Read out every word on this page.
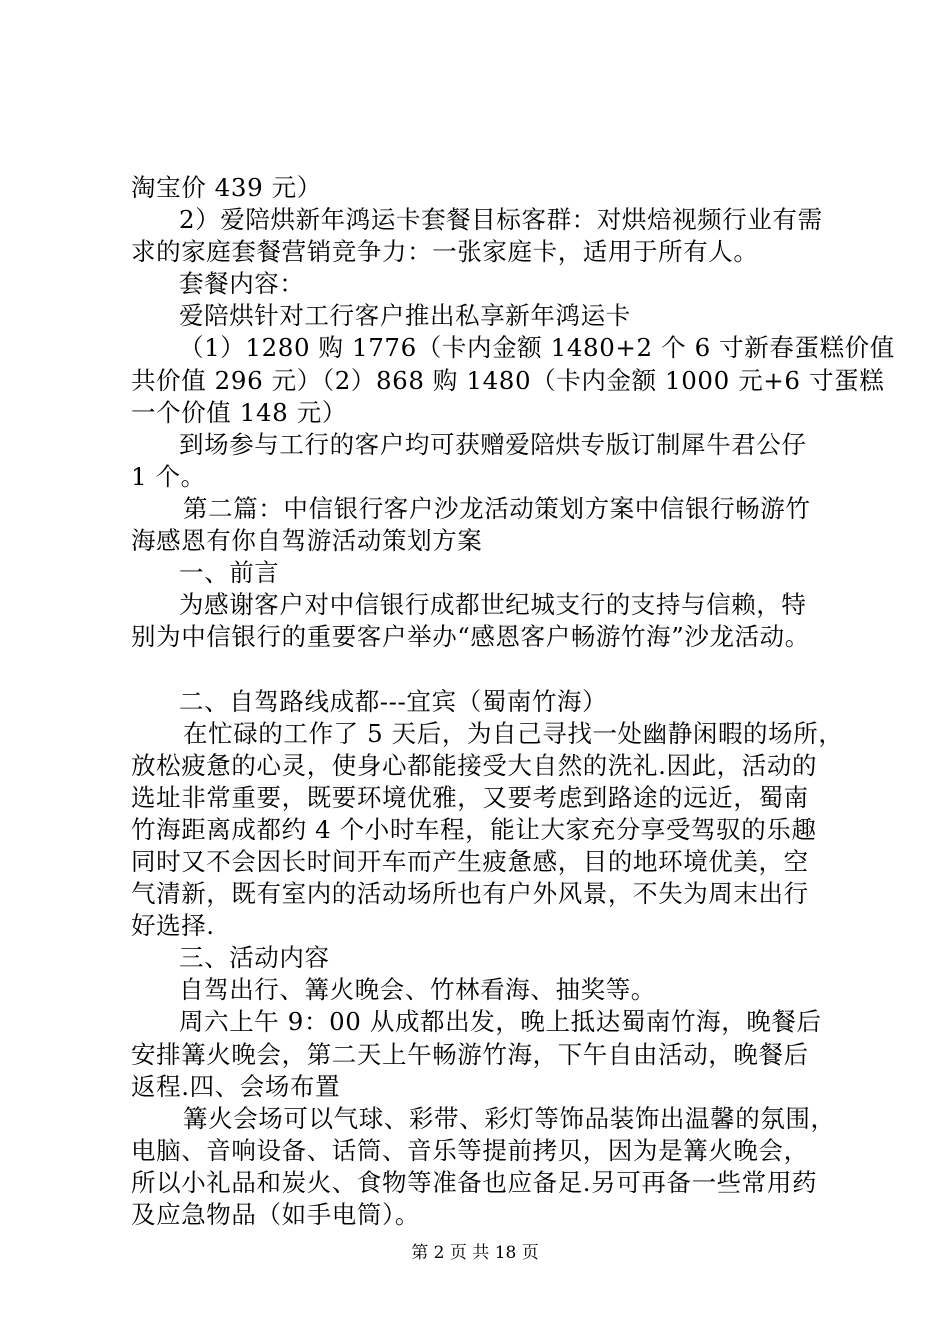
淘宝价 439 元）
2）爱陪烘新年鸿运卡套餐目标客群：对烘焙视频行业有需
求的家庭套餐营销竞争力：一张家庭卡，适用于所有人。
套餐内容：
爱陪烘针对工行客户推出私享新年鸿运卡
（1）1280 购 1776（卡内金额 1480+2 个 6 寸新春蛋糕价值
共价值 296 元）（2）868 购 1480（卡内金额 1000 元+6 寸蛋糕
一个价值 148 元）
到场参与工行的客户均可获赠爱陪烘专版订制犀牛君公仔
1 个。
第二篇：中信银行客户沙龙活动策划方案中信银行畅游竹
海感恩有你自驾游活动策划方案
一、前言
为感谢客户对中信银行成都世纪城支行的支持与信赖，特
别为中信银行的重要客户举办“感恩客户畅游竹海”沙龙活动。
二、自驾路线成都---宜宾（蜀南竹海）
在忙碌的工作了 5 天后，为自己寻找一处幽静闲暇的场所，
放松疲惫的心灵，使身心都能接受大自然的洗礼.因此，活动的
选址非常重要，既要环境优雅，又要考虑到路途的远近，蜀南
竹海距离成都约 4 个小时车程，能让大家充分享受驾驭的乐趣
同时又不会因长时间开车而产生疲惫感，目的地环境优美，空
气清新，既有室内的活动场所也有户外风景，不失为周末出行
好选择.
三、活动内容
自驾出行、篝火晚会、竹林看海、抽奖等。
周六上午 9：00 从成都出发，晚上抵达蜀南竹海，晚餐后
安排篝火晚会，第二天上午畅游竹海，下午自由活动，晚餐后
返程.四、会场布置
篝火会场可以气球、彩带、彩灯等饰品装饰出温馨的氛围，
电脑、音响设备、话筒、音乐等提前拷贝，因为是篝火晚会，
所以小礼品和炭火、食物等准备也应备足.另可再备一些常用药
及应急物品（如手电筒）。
第 2 页 共 18 页
